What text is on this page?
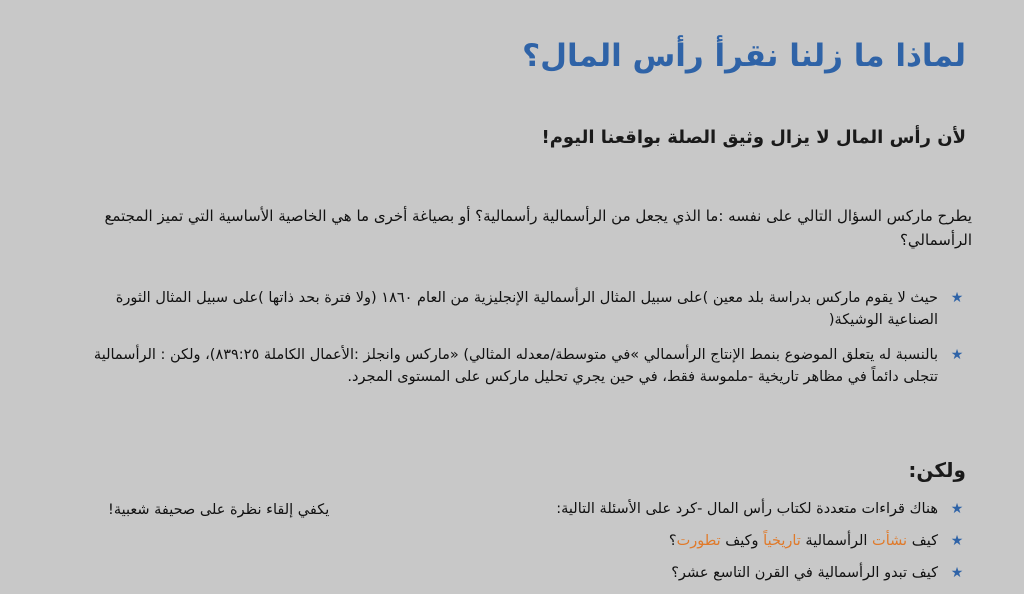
لماذا ما زلنا نقرأ رأس المال؟
لأن رأس المال لا يزال وثيق الصلة بواقعنا اليوم!

يطرح ماركس السؤال التالي على نفسه :ما الذي يجعل من الرأسمالية رأسمالية؟ أو بصياغة أخرى ما هي الخاصية الأساسية التي تميز المجتمع الرأسمالي؟

★
حيث لا يقوم ماركس بدراسة بلد معين )على سبيل المثال الرأسمالية الإنجليزية من العام ١٨٦٠ (ولا فترة بحد ذاتها )على سبيل المثال الثورة الصناعية الوشيكة(
★
بالنسبة له يتعلق الموضوع بنمط الإنتاج الرأسمالي »في متوسطة/معدله المثالي) «ماركس وانجلز :الأعمال الكاملة ٨٣٩:٢٥)، ولكن : الرأسمالية تتجلى دائماً في مظاهر تاريخية -ملموسة فقط، في حين يجري تحليل ماركس على المستوى المجرد.
ولكن:
★
هناك قراءات متعددة لكتاب رأس المال -كرد على الأسئلة التالية:
★
كيف نشأت الرأسمالية تاريخياً وكيف تطورت؟
★
كيف تبدو الرأسمالية في القرن التاسع عشر؟

يكفي إلقاء نظرة على صحيفة شعبية!
